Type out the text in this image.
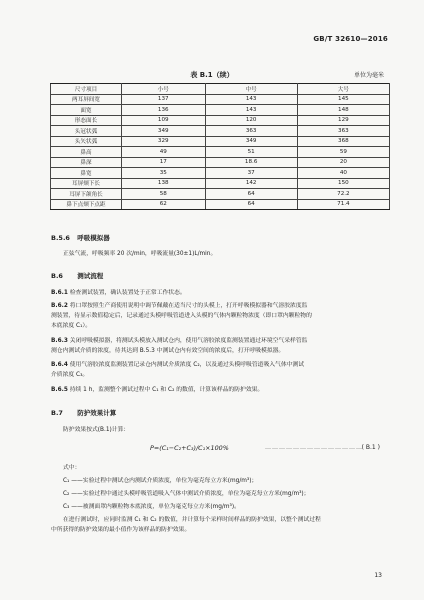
GB/T 32610—2016
表 B.1（续）	单位为毫米
尺寸项目	小号	中号	大号
两耳屏间宽	137	143	145
面宽	136	143	148
形态面长	109	120	129
头冠状弧	349	363	363
头矢状弧	329	349	368
鼻高	49	51	59
鼻深	17	18.6	20
鼻宽	35	37	40
耳屏颏下长	138	142	150
耳屏下颌角长	58	64	72.2
鼻下点颏下点距	62	64	71.4
B.5.6 呼吸模拟器
正弦气流，呼吸频率 20 次/min，呼吸流量(30±1)L/min。
B.6 测试流程
B.6.1 检查测试装置，确认装置处于正常工作状态。
B.6.2 将口罩按照生产商使用说明中调节佩戴在适当尺寸的头模上，打开呼吸模拟器和气溶胶浓度监
测装置，待显示数值稳定后，记录通过头模呼吸管道进入头模的气体内颗粒物浓度（即口罩内颗粒物的
本底浓度 C₁）。
B.6.3 关闭呼吸模拟器，将测试头模放入测试仓内，使用气溶胶浓度监测装置通过环境空气采样管监
测仓内测试介质的浓度，待其达到 B.5.3 中测试仓内有效空间的浓度后，打开呼吸模拟器。
B.6.4 使用气溶胶浓度监测装置记录仓内测试介质浓度 C₂，以及通过头模呼吸管道吸入气体中测试
介质浓度 C₃。
B.6.5 持续 1 h，监测整个测试过程中 C₁ 和 C₂ 的数值，计算该样品的防护效果。
B.7 防护效果计算
防护效果按式(B.1)计算：
P=(C₁−C₂+C₃)/C₁×100%	……………………………………
( B.1 )
式中：
C₁ ——实验过程中测试仓内测试介质浓度，单位为毫克每立方米(mg/m³)；
C₂ ——实验过程中通过头模呼吸管道吸入气体中测试介质浓度，单位为毫克每立方米(mg/m³)；
C₃ ——被测面罩内颗粒物本底浓度，单位为毫克每立方米(mg/m³)。
在进行测试时，应同时监测 C₁ 和 C₂ 的数值，并计算每个采样时间样品的防护效果，以整个测试过程
中所获得的防护效果的最小值作为该样品的防护效果。
13
